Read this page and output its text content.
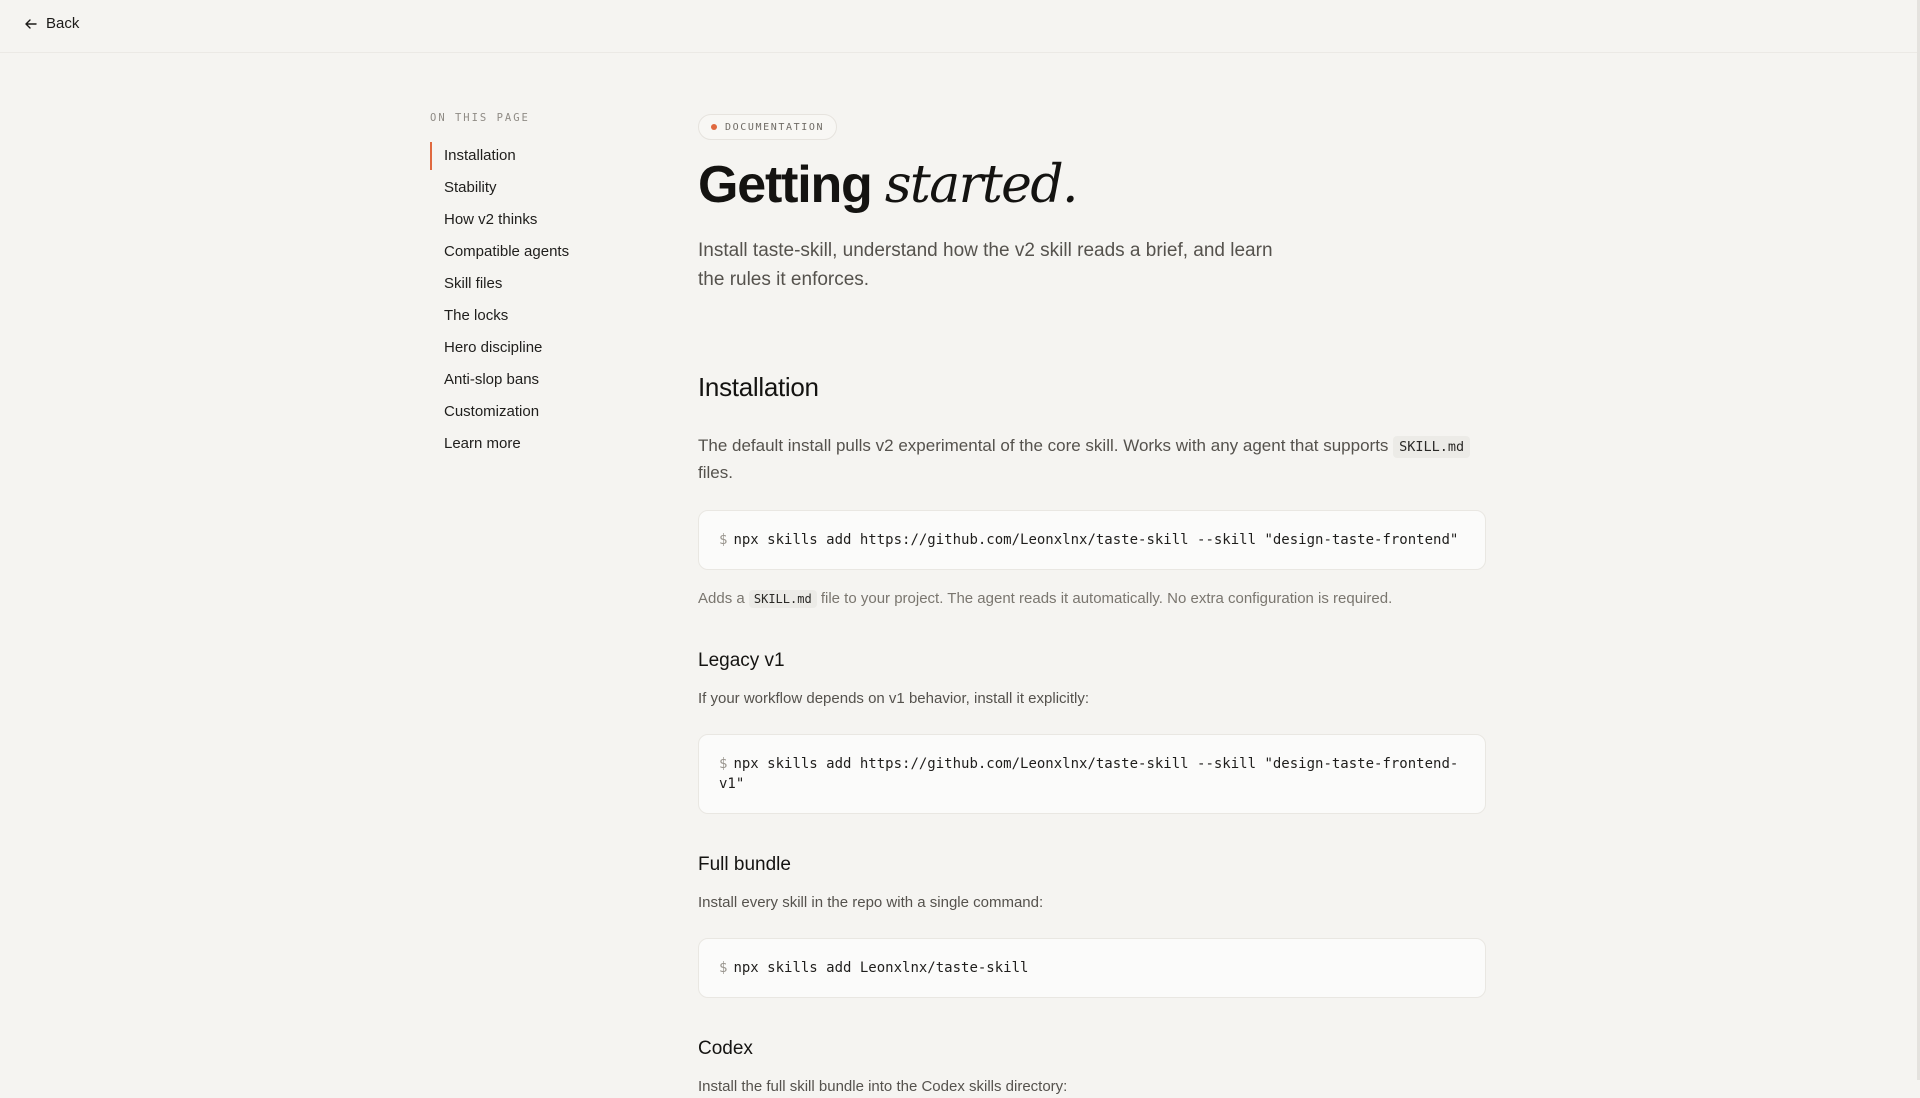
Back
ON THIS PAGE
Installation
Stability
How v2 thinks
Compatible agents
Skill files
The locks
Hero discipline
Anti-slop bans
Customization
Learn more
DOCUMENTATION
Getting started.

Install taste-skill, understand how the v2 skill reads a brief, and learn the rules it enforces.

Installation

The default install pulls v2 experimental of the core skill. Works with any agent that supports SKILL.md files.

$ npx skills add https://github.com/Leonxlnx/taste-skill --skill "design-taste-frontend"

Adds a SKILL.md file to your project. The agent reads it automatically. No extra configuration is required.

Legacy v1

If your workflow depends on v1 behavior, install it explicitly:

$ npx skills add https://github.com/Leonxlnx/taste-skill --skill "design-taste-frontend-v1"
Full bundle

Install every skill in the repo with a single command:

$ npx skills add Leonxlnx/taste-skill
Codex

Install the full skill bundle into the Codex skills directory:
